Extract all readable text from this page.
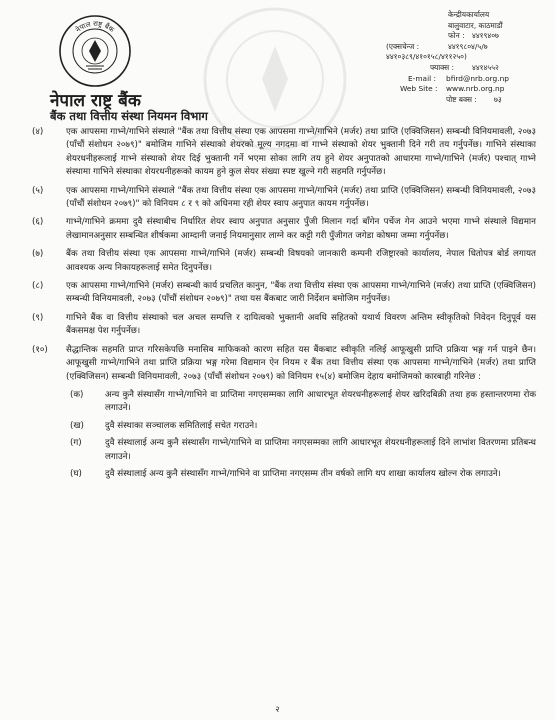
नेपाल राष्ट्र बैंक
नेपाल राष्ट्र बैंक
बैंक तथा वित्तीय संस्था नियमन विभाग
केन्द्रीयकार्यालय
बालुवाटार, काठमाडौं
फोन : ४४१९४०७
(एक्सचेन्ज :	४४१९८०४/५/७
४४१०३८९/४१०१५८/४११२५०)
फ्याक्स : ४४१४५५२
E-mail : bfird@nrb.org.np
Web Site : www.nrb.org.np
पोष्ट बक्स : ७३
(४)	एक आपसमा गाभ्ने/गाभिने संस्थाले "बैंक तथा वित्तीय संस्था एक आपसमा गाभ्ने/गाभिने (मर्जर) तथा प्राप्ति (एक्विजिसन) सम्बन्धी विनियमावली, २०७३ (पाँचौं संशोधन २०७९)" बमोजिम गाभिने संस्थाको शेयरको मूल्य नगदमा वा गाभ्ने संस्थाको शेयर भुक्तानी दिने गरी तय गर्नुपर्नेछ। गाभिने संस्थाका शेयरधनीहरूलाई गाभ्ने संस्थाको शेयर दिई भुक्तानी गर्ने भएमा सोका लागि तय हुने शेयर अनुपातको आधारमा गाभ्ने/गाभिने (मर्जर) पश्चात् गाभ्ने संस्थामा गाभिने संस्थाका शेयरधनीहरूको कायम हुने कुल सेयर संख्या स्पष्ट खुल्ने गरी सहमति गर्नुपर्नेछ।
(५)	एक आपसमा गाभ्ने/गाभिने संस्थाले "बैंक तथा वित्तीय संस्था एक आपसमा गाभ्ने/गाभिने (मर्जर) तथा प्राप्ति (एक्विजिसन) सम्बन्धी विनियमावली, २०७३ (पाँचौं संशोधन २०७९)" को विनियम ८ र ९ को अधिनमा रही शेयर स्वाप अनुपात कायम गर्नुपर्नेछ।
(६)	गाभ्ने/गाभिने क्रममा दुवै संस्थाबीच निर्धारित शेयर स्वाप अनुपात अनुसार पुँजी मिलान गर्दा बाँगेन पर्चेज गेन आउने भएमा गाभ्ने संस्थाले विद्यमान लेखामानअनुसार सम्बन्धित शीर्षकमा आम्दानी जनाई नियमानुसार लाग्ने कर कट्टी गरी पुँजीगत जगेडा कोषमा जम्मा गर्नुपर्नेछ।
(७)	बैंक तथा वित्तीय संस्था एक आपसमा गाभ्ने/गाभिने (मर्जर) सम्बन्धी विषयको जानकारी कम्पनी रजिष्ट्रारको कार्यालय, नेपाल धितोपत्र बोर्ड लगायत आवश्यक अन्य निकायहरूलाई समेत दिनुपर्नेछ।
(८)	एक आपसमा गाभ्ने/गाभिने (मर्जर) सम्बन्धी कार्य प्रचलित कानुन, "बैंक तथा वित्तीय संस्था एक आपसमा गाभ्ने/गाभिने (मर्जर) तथा प्राप्ति (एक्विजिसन) सम्बन्धी विनियमावली, २०७३ (पाँचौं संशोधन २०७९)" तथा यस बैंकबाट जारी निर्देशन बमोजिम गर्नुपर्नेछ।
(९)	गाभिने बैंक वा वित्तीय संस्थाको चल अचल सम्पत्ति र दायित्वको भुक्तानी अवधि सहितको यथार्थ विवरण अन्तिम स्वीकृतिको निवेदन दिनुपूर्व यस बैंकसमक्ष पेश गर्नुपर्नेछ।
(१०) सैद्धान्तिक सहमति प्राप्त गरिसकेपछि मनासिब माफिकको कारण सहित यस बैंकबाट स्वीकृति नलिई आफूखुसी प्राप्ति प्रक्रिया भङ्ग गर्न पाइने छैन। आफूखुसी गाभ्ने/गाभिने तथा प्राप्ति प्रक्रिया भङ्ग गरेमा विद्यमान ऐन नियम र बैंक तथा वित्तीय संस्था एक आपसमा गाभ्ने/गाभिने (मर्जर) तथा प्राप्ति (एक्विजिसन) सम्बन्धी विनियमावली, २०७३ (पाँचौं संशोधन २०७९) को विनियम १५(४) बमोजिम देहाय बमोजिमको कारबाही गरिनेछ :
(क) अन्य कुनै संस्थासँग गाभ्ने/गाभिने वा प्राप्तिमा नगएसम्मका लागि आधारभूत शेयरधनीहरूलाई शेयर खरिदबिक्री तथा हक हस्तान्तरणमा रोक लगाउने।
(ख) दुवै संस्थाका सञ्चालक समितिलाई सचेत गराउने।
(ग)	दुवै संस्थालाई अन्य कुनै संस्थासँग गाभ्ने/गाभिने वा प्राप्तिमा नगएसम्मका लागि आधारभूत शेयरधनीहरूलाई दिने लाभांश वितरणमा प्रतिबन्ध लगाउने।
(घ)	दुवै संस्थालाई अन्य कुनै संस्थासँग गाभ्ने/गाभिने वा प्राप्तिमा नगएसम्म तीन वर्षको लागि थप शाखा कार्यालय खोल्न रोक लगाउने।
२
